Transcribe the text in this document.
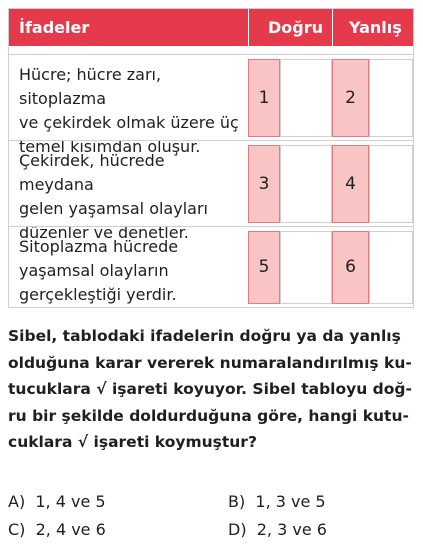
İfadeler	Doğru Yanlış
Hücre; hücre zarı, sitoplazma
ve çekirdek olmak üzere üç
temel kısımdan oluşur.
1	2
Çekirdek, hücrede meydana
gelen yaşamsal olayları
düzenler ve denetler.
3	4
Sitoplazma hücrede
yaşamsal olayların
gerçekleştiği yerdir.
5	6
Sibel, tablodaki ifadelerin doğru ya da yanlış
olduğuna karar vererek numaralandırılmış ku-
tucuklara √ işareti koyuyor. Sibel tabloyu doğ-
ru bir şekilde doldurduğuna göre, hangi kutu-
cuklara √ işareti koymuştur?
A) 1, 4 ve 5	B) 1, 3 ve 5
C) 2, 4 ve 6	D) 2, 3 ve 6
